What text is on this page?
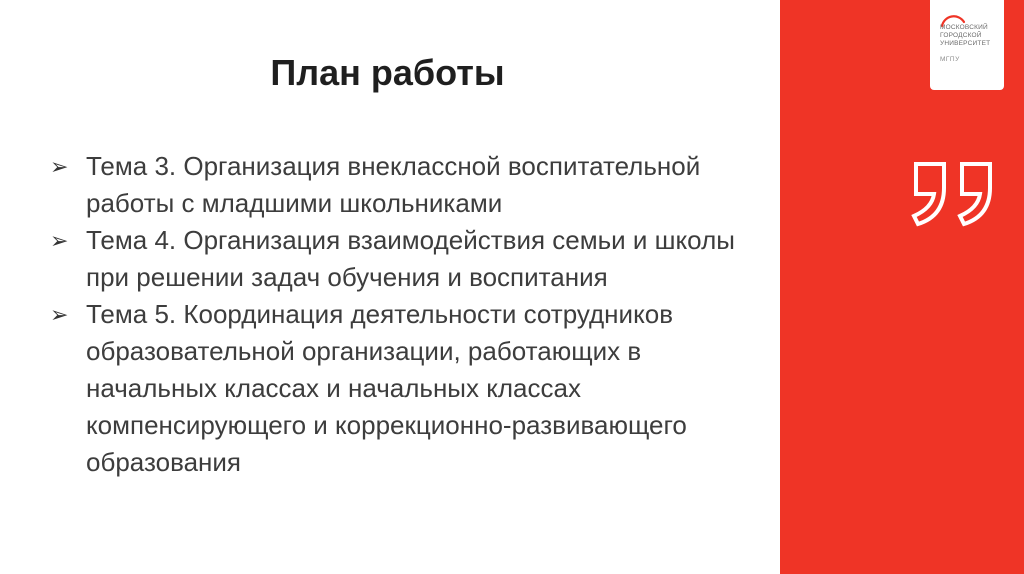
План работы
➢ Тема 3. Организация внеклассной воспитательной работы с младшими школьниками
➢ Тема 4. Организация взаимодействия семьи и школы при решении задач обучения и воспитания
➢ Тема 5. Координация деятельности сотрудников образовательной организации, работающих в начальных классах и начальных классах компенсирующего и коррекционно-развивающего образования
МОСКОВСКИЙ ГОРОДСКОЙ УНИВЕРСИТЕТ
МГПУ
